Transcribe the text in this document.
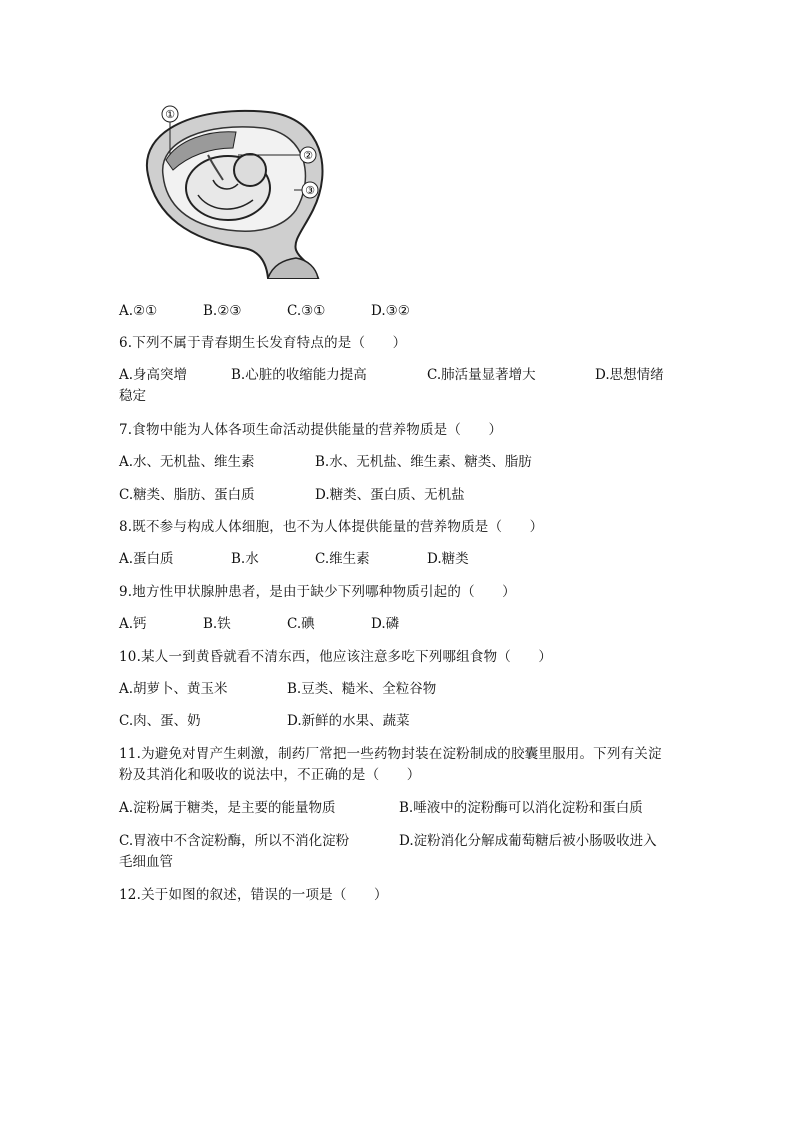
①
②
③
A.②①	B.②③	C.③①	D.③②
6.下列不属于青春期生长发育特点的是（　　）
A.身高突增	B.心脏的收缩能力提高	C.肺活量显著增大	D.思想情绪
稳定
7.食物中能为人体各项生命活动提供能量的营养物质是（　　）
A.水、无机盐、维生素	B.水、无机盐、维生素、糖类、脂肪
C.糖类、脂肪、蛋白质	D.糖类、蛋白质、无机盐
8.既不参与构成人体细胞，也不为人体提供能量的营养物质是（　　）
A.蛋白质	B.水	C.维生素	D.糖类
9.地方性甲状腺肿患者，是由于缺少下列哪种物质引起的（　　）
A.钙	B.铁	C.碘	D.磷
10.某人一到黄昏就看不清东西，他应该注意多吃下列哪组食物（　　）
A.胡萝卜、黄玉米	B.豆类、糙米、全粒谷物
C.肉、蛋、奶	D.新鲜的水果、蔬菜
11.为避免对胃产生刺激，制药厂常把一些药物封装在淀粉制成的胶囊里服用。下列有关淀
粉及其消化和吸收的说法中，不正确的是（　　）
A.淀粉属于糖类，是主要的能量物质	B.唾液中的淀粉酶可以消化淀粉和蛋白质
C.胃液中不含淀粉酶，所以不消化淀粉	D.淀粉消化分解成葡萄糖后被小肠吸收进入
毛细血管
12.关于如图的叙述，错误的一项是（　　）
